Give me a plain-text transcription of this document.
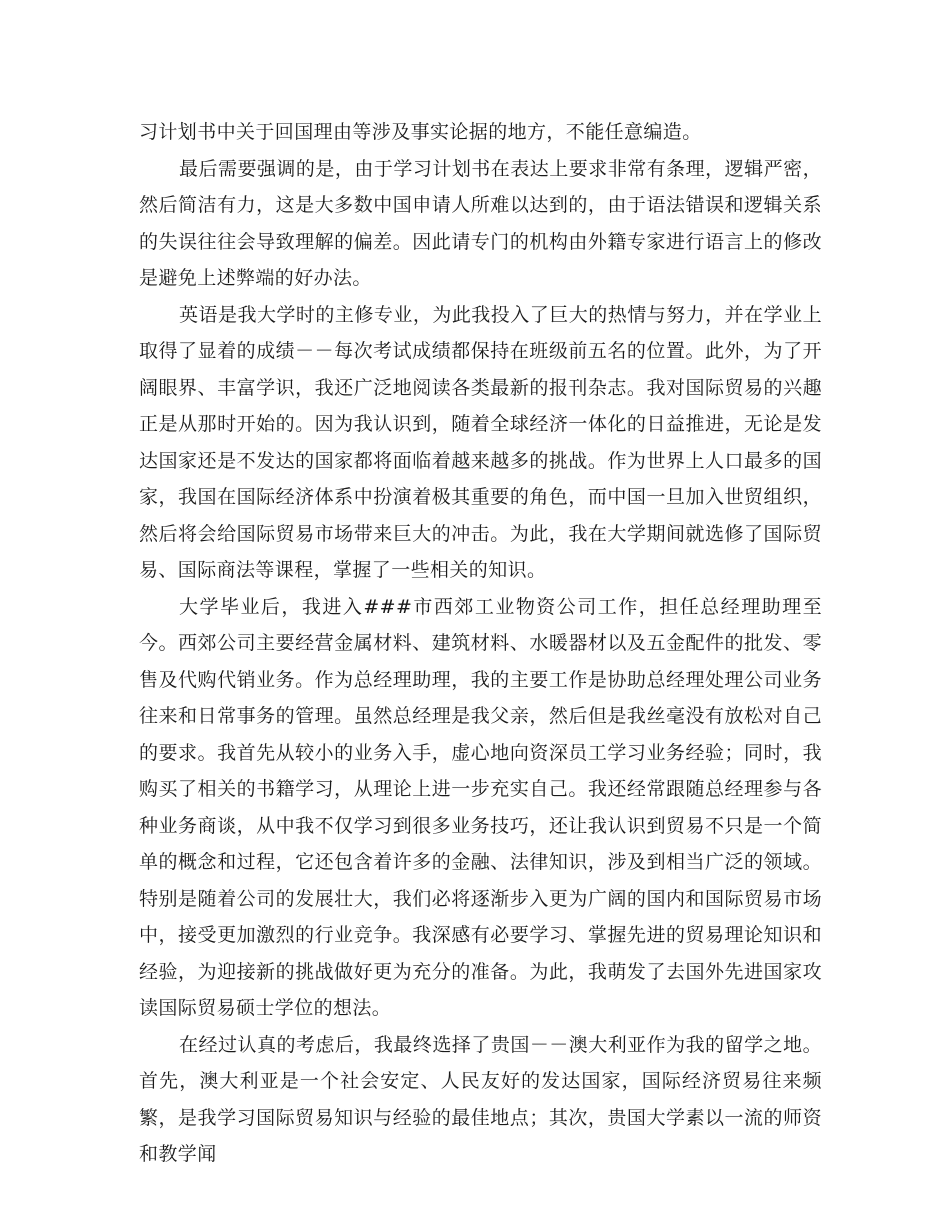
习计划书中关于回国理由等涉及事实论据的地方，不能任意编造。

最后需要强调的是，由于学习计划书在表达上要求非常有条理，逻辑严密，然后简洁有力，这是大多数中国申请人所难以达到的，由于语法错误和逻辑关系的失误往往会导致理解的偏差。因此请专门的机构由外籍专家进行语言上的修改是避免上述弊端的好办法。

英语是我大学时的主修专业，为此我投入了巨大的热情与努力，并在学业上取得了显着的成绩－－每次考试成绩都保持在班级前五名的位置。此外，为了开阔眼界、丰富学识，我还广泛地阅读各类最新的报刊杂志。我对国际贸易的兴趣正是从那时开始的。因为我认识到，随着全球经济一体化的日益推进，无论是发达国家还是不发达的国家都将面临着越来越多的挑战。作为世界上人口最多的国家，我国在国际经济体系中扮演着极其重要的角色，而中国一旦加入世贸组织，然后将会给国际贸易市场带来巨大的冲击。为此，我在大学期间就选修了国际贸易、国际商法等课程，掌握了一些相关的知识。

大学毕业后，我进入###市西郊工业物资公司工作，担任总经理助理至今。西郊公司主要经营金属材料、建筑材料、水暖器材以及五金配件的批发、零售及代购代销业务。作为总经理助理，我的主要工作是协助总经理处理公司业务往来和日常事务的管理。虽然总经理是我父亲，然后但是我丝毫没有放松对自己的要求。我首先从较小的业务入手，虚心地向资深员工学习业务经验；同时，我购买了相关的书籍学习，从理论上进一步充实自己。我还经常跟随总经理参与各种业务商谈，从中我不仅学习到很多业务技巧，还让我认识到贸易不只是一个简单的概念和过程，它还包含着许多的金融、法律知识，涉及到相当广泛的领域。特别是随着公司的发展壮大，我们必将逐渐步入更为广阔的国内和国际贸易市场中，接受更加激烈的行业竞争。我深感有必要学习、掌握先进的贸易理论知识和经验，为迎接新的挑战做好更为充分的准备。为此，我萌发了去国外先进国家攻读国际贸易硕士学位的想法。

在经过认真的考虑后，我最终选择了贵国－－澳大利亚作为我的留学之地。首先，澳大利亚是一个社会安定、人民友好的发达国家，国际经济贸易往来频繁，是我学习国际贸易知识与经验的最佳地点；其次，贵国大学素以一流的师资和教学闻
